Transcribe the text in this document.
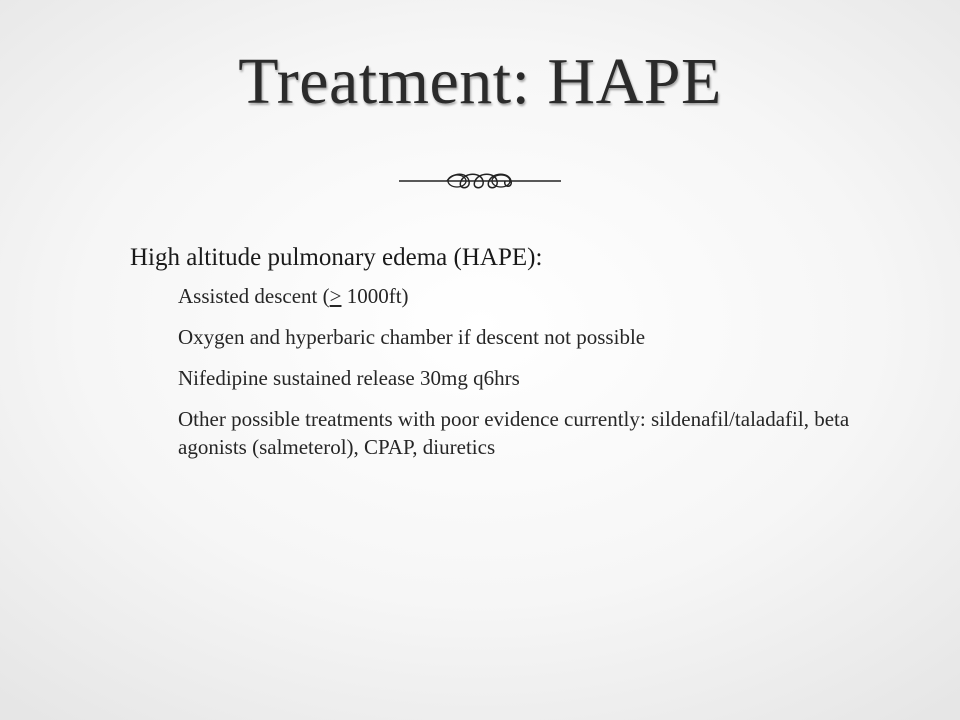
Treatment: HAPE
High altitude pulmonary edema (HAPE):
Assisted descent (> 1000ft)
Oxygen and hyperbaric chamber if descent not possible
Nifedipine sustained release 30mg q6hrs
Other possible treatments with poor evidence currently: sildenafil/taladafil, beta agonists (salmeterol), CPAP, diuretics
